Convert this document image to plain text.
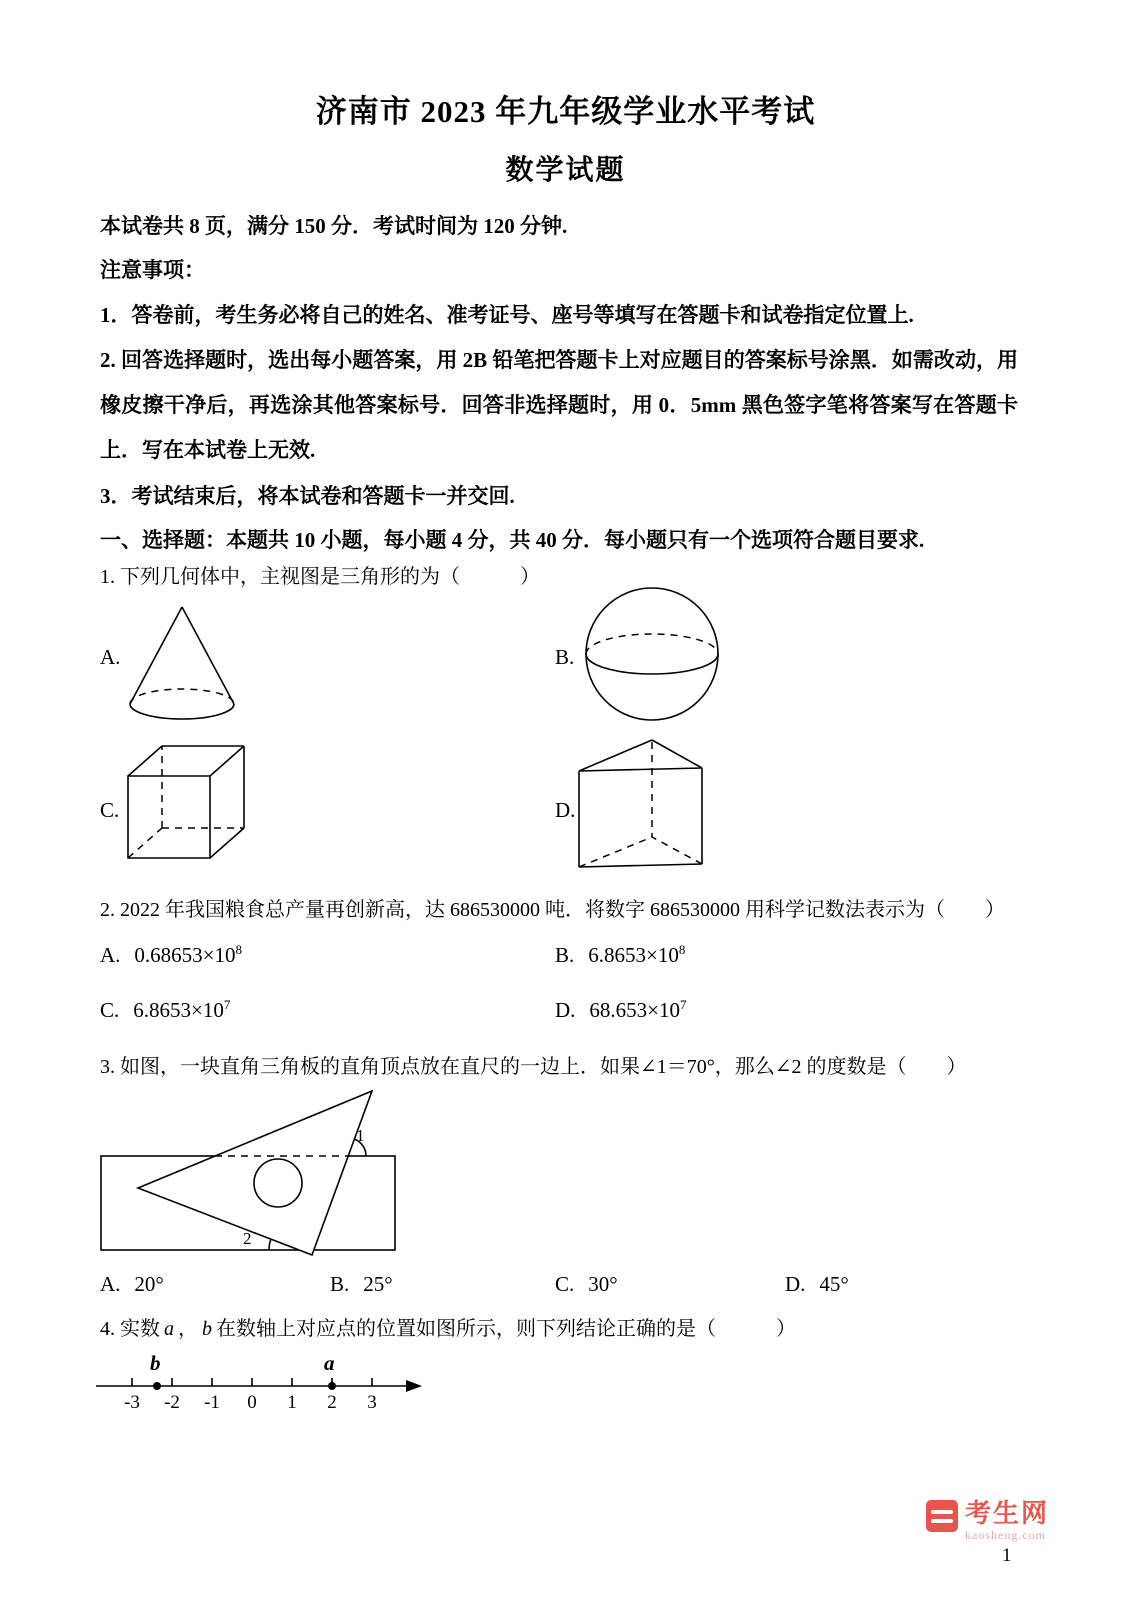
济南市 2023 年九年级学业水平考试
数学试题

本试卷共 8 页，满分 150 分．考试时间为 120 分钟.

注意事项：

1．答卷前，考生务必将自己的姓名、准考证号、座号等填写在答题卡和试卷指定位置上.

2. 回答选择题时，选出每小题答案，用 2B 铅笔把答题卡上对应题目的答案标号涂黑．如需改动，用橡皮擦干净后，再选涂其他答案标号．回答非选择题时，用 0．5mm 黑色签字笔将答案写在答题卡上．写在本试卷上无效.

3．考试结束后，将本试卷和答题卡一并交回.

一、选择题：本题共 10 小题，每小题 4 分，共 40 分．每小题只有一个选项符合题目要求.

1. 下列几何体中，主视图是三角形的为（　　　）

A.	B.
C.	D.

2. 2022 年我国粮食总产量再创新高，达 686530000 吨．将数字 686530000 用科学记数法表示为（　　）

A. $0.68653\times 10^8$	B. $6.8653\times 10^8$
C. $6.8653\times 10^7$	D. $68.653\times 10^7$

3. 如图，一块直角三角板的直角顶点放在直尺的一边上．如果∠1＝70°，那么∠2 的度数是（　　）

1
2
A. 20°	B. 25°	C. 30°	D. 45°

4. 实数 a ， b 在数轴上对应点的位置如图所示，则下列结论正确的是（　　　）

b	a
-3 -2 -1 0 1 2 3
考生网
kaosheng.com
1
